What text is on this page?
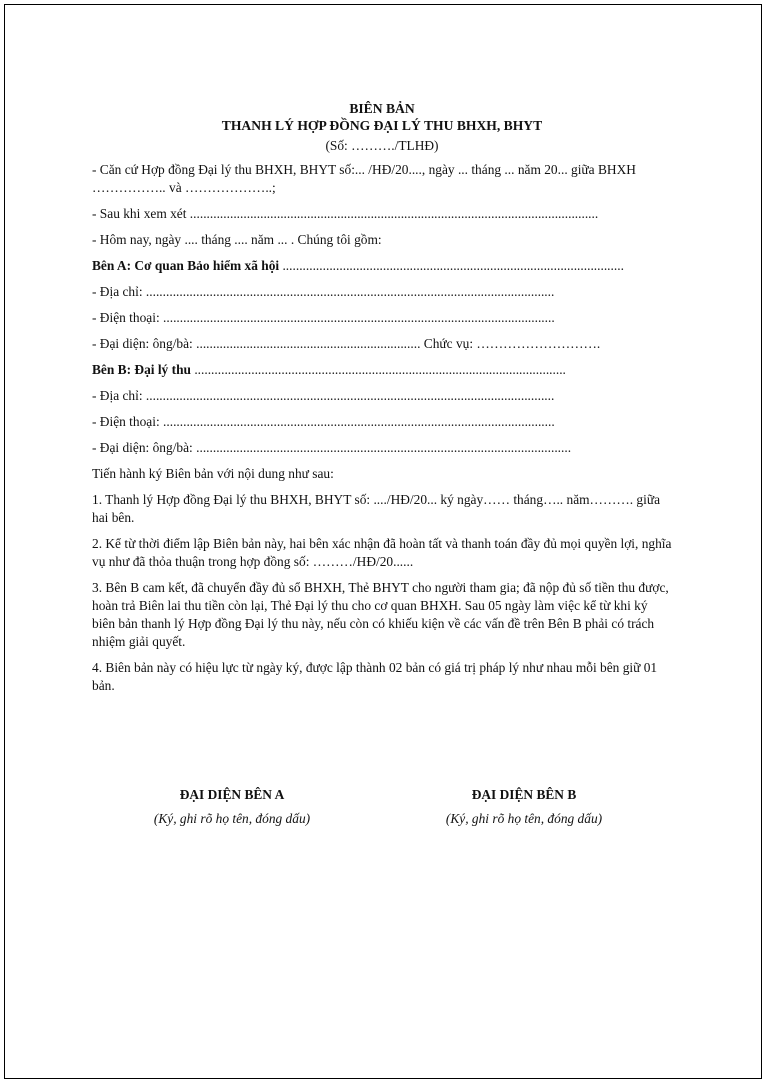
BIÊN BẢN
THANH LÝ HỢP ĐỒNG ĐẠI LÝ THU BHXH, BHYT
(Số: ………./TLHĐ)

- Căn cứ Hợp đồng Đại lý thu BHXH, BHYT số:... /HĐ/20...., ngày ... tháng ... năm 20... giữa BHXH …………….. và ………………..;

- Sau khi xem xét ..........................................................................................................................

- Hôm nay, ngày .... tháng .... năm ... . Chúng tôi gồm:

Bên A: Cơ quan Bảo hiểm xã hội ......................................................................................................

- Địa chỉ: ..........................................................................................................................

- Điện thoại: .....................................................................................................................

- Đại diện: ông/bà: ................................................................... Chức vụ: ……………………….

Bên B: Đại lý thu ...............................................................................................................

- Địa chỉ: ..........................................................................................................................

- Điện thoại: .....................................................................................................................

- Đại diện: ông/bà: ................................................................................................................

Tiến hành ký Biên bản với nội dung như sau:

1. Thanh lý Hợp đồng Đại lý thu BHXH, BHYT số: ..../HĐ/20... ký ngày…… tháng….. năm………. giữa hai bên.

2. Kể từ thời điểm lập Biên bản này, hai bên xác nhận đã hoàn tất và thanh toán đầy đủ mọi quyền lợi, nghĩa vụ như đã thỏa thuận trong hợp đồng số: ………/HĐ/20......

3. Bên B cam kết, đã chuyển đầy đủ sổ BHXH, Thẻ BHYT cho người tham gia; đã nộp đủ số tiền thu được, hoàn trả Biên lai thu tiền còn lại, Thẻ Đại lý thu cho cơ quan BHXH. Sau 05 ngày làm việc kể từ khi ký biên bản thanh lý Hợp đồng Đại lý thu này, nếu còn có khiếu kiện về các vấn đề trên Bên B phải có trách nhiệm giải quyết.

4. Biên bản này có hiệu lực từ ngày ký, được lập thành 02 bản có giá trị pháp lý như nhau mỗi bên giữ 01 bản.

ĐẠI DIỆN BÊN A
(Ký, ghi rõ họ tên, đóng dấu)
ĐẠI DIỆN BÊN B
(Ký, ghi rõ họ tên, đóng dấu)
